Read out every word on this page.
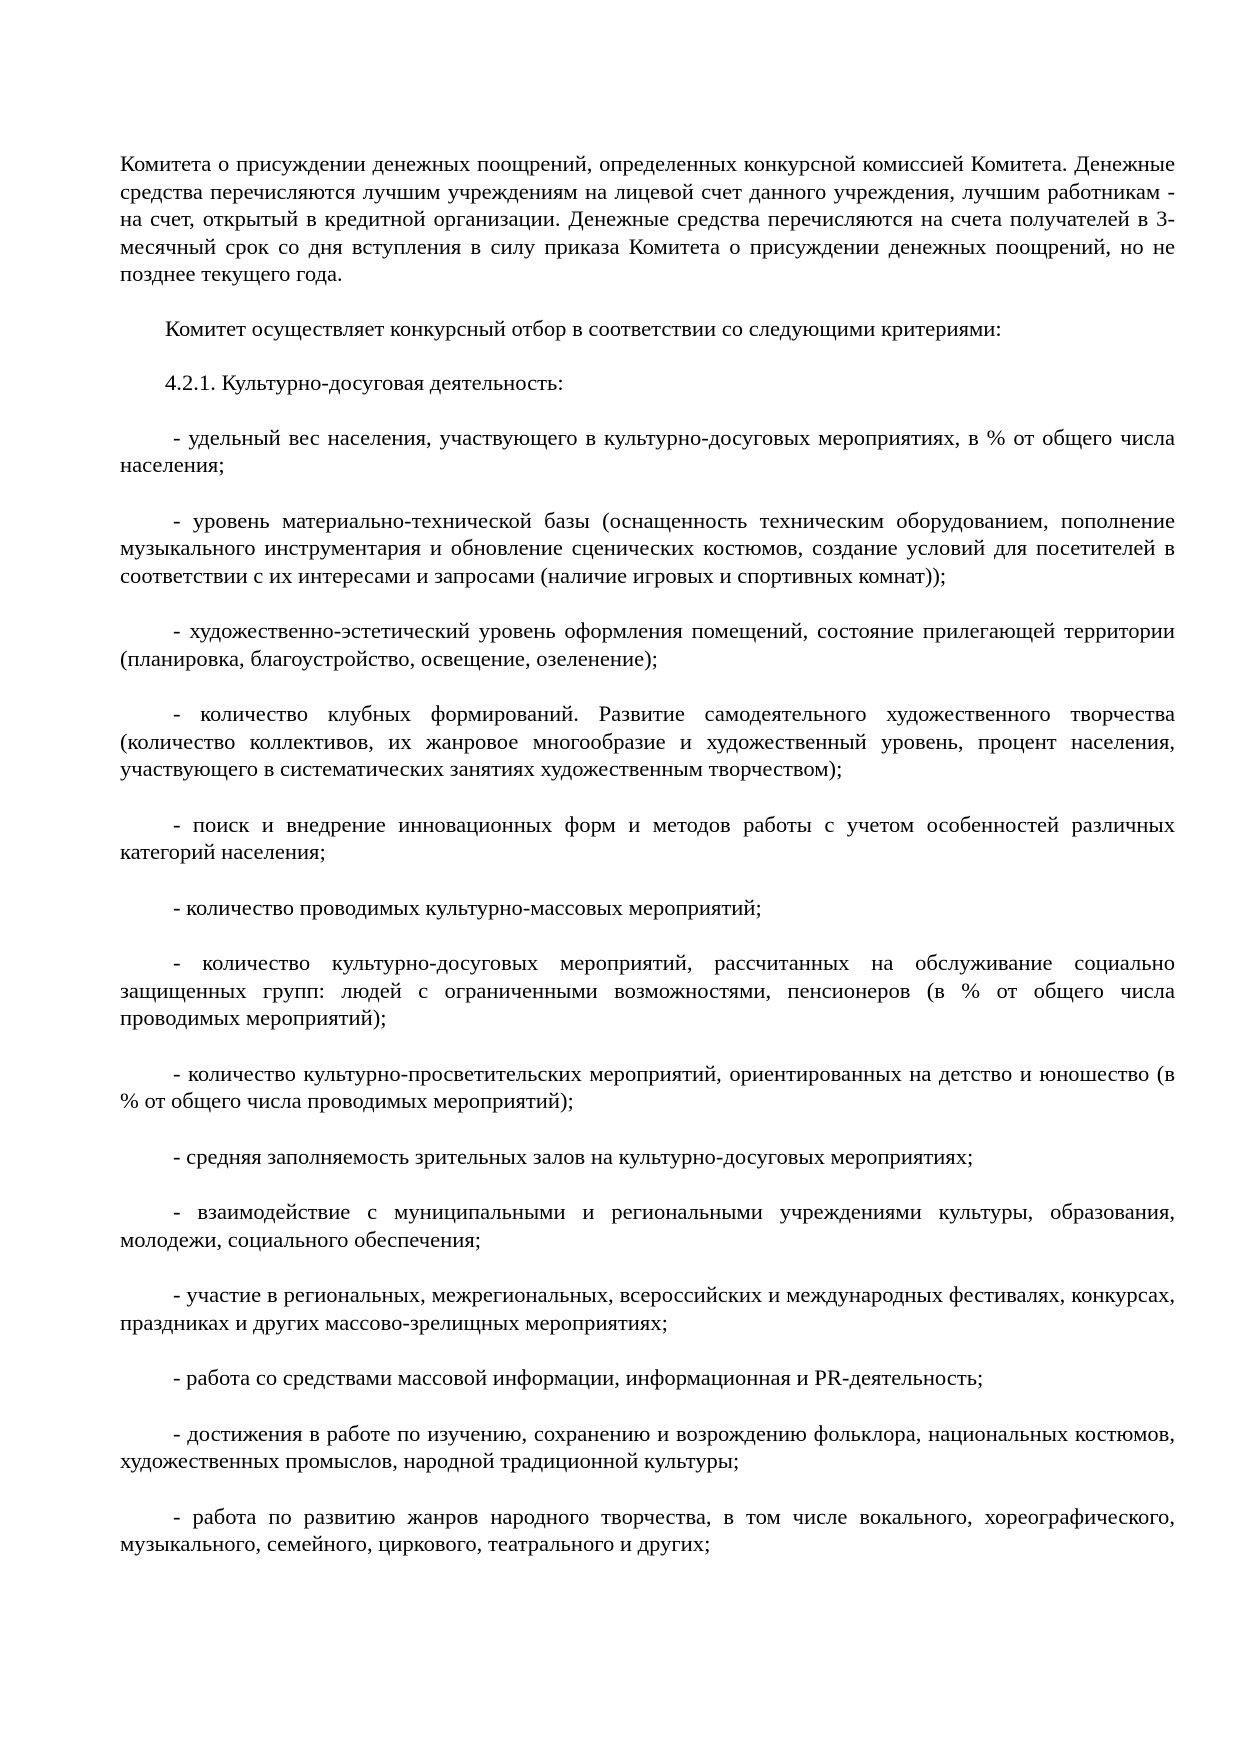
Комитета о присуждении денежных поощрений, определенных конкурсной комиссией Комитета. Денежные средства перечисляются лучшим учреждениям на лицевой счет данного учреждения, лучшим работникам - на счет, открытый в кредитной организации. Денежные средства перечисляются на счета получателей в 3-месячный срок со дня вступления в силу приказа Комитета о присуждении денежных поощрений, но не позднее текущего года.

Комитет осуществляет конкурсный отбор в соответствии со следующими критериями:

4.2.1. Культурно-досуговая деятельность:

- удельный вес населения, участвующего в культурно-досуговых мероприятиях, в % от общего числа населения;

- уровень материально-технической базы (оснащенность техническим оборудованием, пополнение музыкального инструментария и обновление сценических костюмов, создание условий для посетителей в соответствии с их интересами и запросами (наличие игровых и спортивных комнат));

- художественно-эстетический уровень оформления помещений, состояние прилегающей территории (планировка, благоустройство, освещение, озеленение);

- количество клубных формирований. Развитие самодеятельного художественного творчества (количество коллективов, их жанровое многообразие и художественный уровень, процент населения, участвующего в систематических занятиях художественным творчеством);

- поиск и внедрение инновационных форм и методов работы с учетом особенностей различных категорий населения;

- количество проводимых культурно-массовых мероприятий;

- количество культурно-досуговых мероприятий, рассчитанных на обслуживание социально защищенных групп: людей с ограниченными возможностями, пенсионеров (в % от общего числа проводимых мероприятий);

- количество культурно-просветительских мероприятий, ориентированных на детство и юношество (в % от общего числа проводимых мероприятий);

- средняя заполняемость зрительных залов на культурно-досуговых мероприятиях;

- взаимодействие с муниципальными и региональными учреждениями культуры, образования, молодежи, социального обеспечения;

- участие в региональных, межрегиональных, всероссийских и международных фестивалях, конкурсах, праздниках и других массово-зрелищных мероприятиях;

- работа со средствами массовой информации, информационная и PR-деятельность;

- достижения в работе по изучению, сохранению и возрождению фольклора, национальных костюмов, художественных промыслов, народной традиционной культуры;

- работа по развитию жанров народного творчества, в том числе вокального, хореографического, музыкального, семейного, циркового, театрального и других;
